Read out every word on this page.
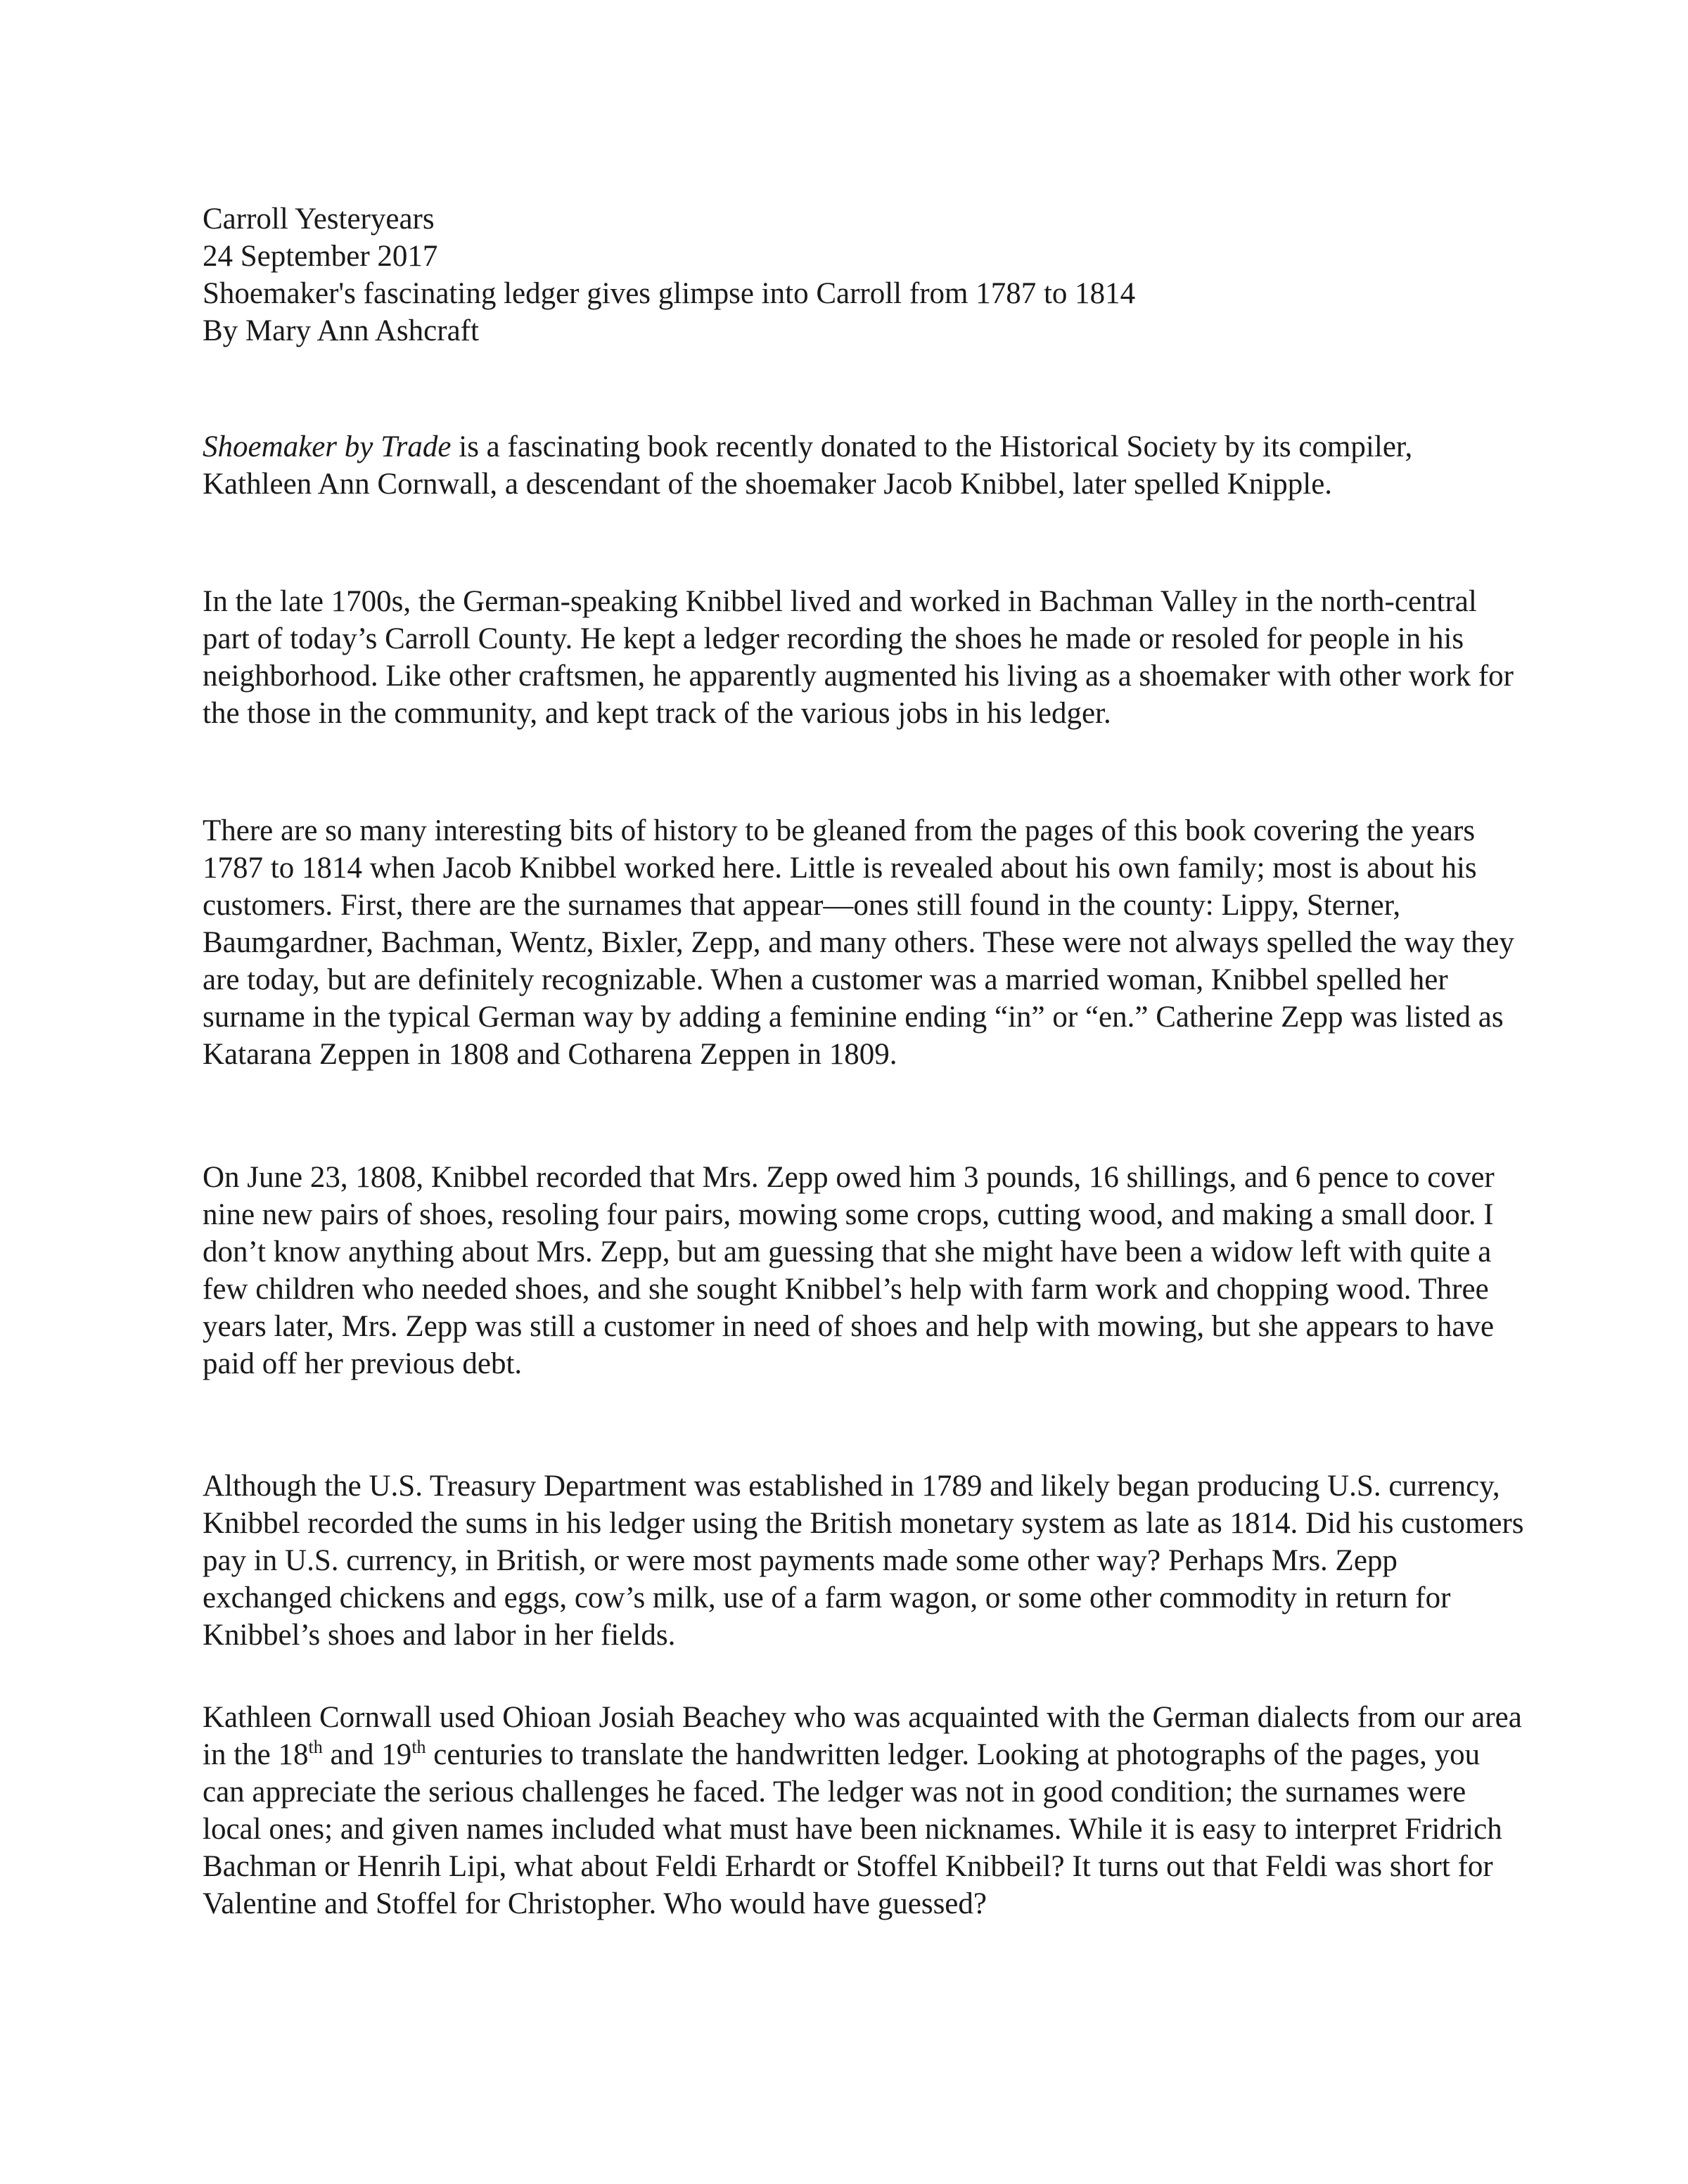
Carroll Yesteryears
24 September 2017
Shoemaker's fascinating ledger gives glimpse into Carroll from 1787 to 1814
By Mary Ann Ashcraft

Shoemaker by Trade is a fascinating book recently donated to the Historical Society by its compiler, Kathleen Ann Cornwall, a descendant of the shoemaker Jacob Knibbel, later spelled Knipple.

In the late 1700s, the German-speaking Knibbel lived and worked in Bachman Valley in the north-central part of today’s Carroll County. He kept a ledger recording the shoes he made or resoled for people in his neighborhood. Like other craftsmen, he apparently augmented his living as a shoemaker with other work for the those in the community, and kept track of the various jobs in his ledger.

There are so many interesting bits of history to be gleaned from the pages of this book covering the years 1787 to 1814 when Jacob Knibbel worked here. Little is revealed about his own family; most is about his customers. First, there are the surnames that appear—ones still found in the county: Lippy, Sterner, Baumgardner, Bachman, Wentz, Bixler, Zepp, and many others. These were not always spelled the way they are today, but are definitely recognizable. When a customer was a married woman, Knibbel spelled her surname in the typical German way by adding a feminine ending “in” or “en.” Catherine Zepp was listed as Katarana Zeppen in 1808 and Cotharena Zeppen in 1809.

On June 23, 1808, Knibbel recorded that Mrs. Zepp owed him 3 pounds, 16 shillings, and 6 pence to cover nine new pairs of shoes, resoling four pairs, mowing some crops, cutting wood, and making a small door. I don’t know anything about Mrs. Zepp, but am guessing that she might have been a widow left with quite a few children who needed shoes, and she sought Knibbel’s help with farm work and chopping wood. Three years later, Mrs. Zepp was still a customer in need of shoes and help with mowing, but she appears to have paid off her previous debt.

Although the U.S. Treasury Department was established in 1789 and likely began producing U.S. currency, Knibbel recorded the sums in his ledger using the British monetary system as late as 1814. Did his customers pay in U.S. currency, in British, or were most payments made some other way? Perhaps Mrs. Zepp exchanged chickens and eggs, cow’s milk, use of a farm wagon, or some other commodity in return for Knibbel’s shoes and labor in her fields.

Kathleen Cornwall used Ohioan Josiah Beachey who was acquainted with the German dialects from our area in the 18th and 19th centuries to translate the handwritten ledger. Looking at photographs of the pages, you can appreciate the serious challenges he faced. The ledger was not in good condition; the surnames were local ones; and given names included what must have been nicknames. While it is easy to interpret Fridrich Bachman or Henrih Lipi, what about Feldi Erhardt or Stoffel Knibbeil? It turns out that Feldi was short for Valentine and Stoffel for Christopher. Who would have guessed?
